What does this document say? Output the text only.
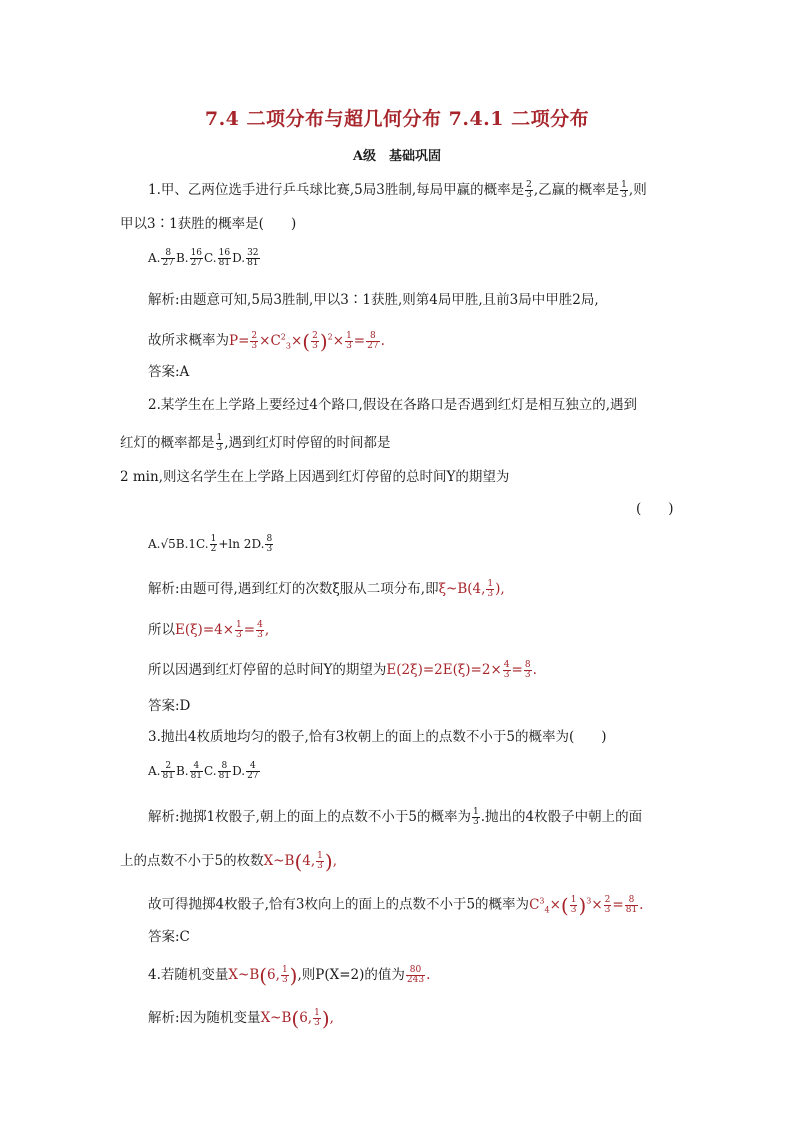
7.4 二项分布与超几何分布 7.4.1 二项分布
A级　基础巩固
1.甲、乙两位选手进行乒乓球比赛,5局3胜制,每局甲赢的概率是 $\frac{2}{3}$ ,乙赢的概率是 $\frac{1}{3}$ ,则
甲以3∶1获胜的概率是(　　)
A. $\frac{8}{27} B$. $\frac{16}{27} C$. $\frac{16}{81} D$. $\frac{32}{81}$
解析:由题意可知,5局3胜制,甲以3∶1获胜,则第4局甲胜,且前3局中甲胜2局,
故所求概率为$P= \frac{2}{3} \times C^2_3\times( \frac{2}{3} )^2\times \frac{1}{3} = \frac{8}{27}$ .
答案:A
2.某学生在上学路上要经过4个路口,假设在各路口是否遇到红灯是相互独立的,遇到
红灯的概率都是 $\frac{1}{3}$ ,遇到红灯时停留的时间都是
2 min,则这名学生在上学路上因遇到红灯停留的总时间Y的期望为
(　　)
A.√5B.1C. $\frac{1}{2} +\ln$ 2D. $\frac{8}{3}$
解析:由题可得,遇到红灯的次数ξ服从二项分布,即ξ~B(4, $\frac{1}{3}$ ),
所以$E(\xi)=4\times \frac{1}{3} = \frac{4}{3}$ ,
所以因遇到红灯停留的总时间Y的期望为$E(2\xi)=2E(\xi)=2\times \frac{4}{3} = \frac{8}{3}$ .
答案:D
3.抛出4枚质地均匀的骰子,恰有3枚朝上的面上的点数不小于5的概率为(　　)
A. $\frac{2}{81} B$. $\frac{4}{81} C$. $\frac{8}{81} D$. $\frac{4}{27}$
解析:抛掷1枚骰子,朝上的面上的点数不小于5的概率为 $\frac{1}{3}$ .抛出的4枚骰子中朝上的面
上的点数不小于5的枚数X~B(4, $\frac{1}{3}$ ),
故可得抛掷4枚骰子,恰有3枚向上的面上的点数不小于5的概率为$C^3_4\times( \frac{1}{3} )^3\times \frac{2}{3} = \frac{8}{81}$ .
答案:C
4.若随机变量X~B(6, $\frac{1}{3}$ ),则P(X=2)的值为 $\frac{80}{243}$ .
解析:因为随机变量X~B(6, $\frac{1}{3}$ ),
